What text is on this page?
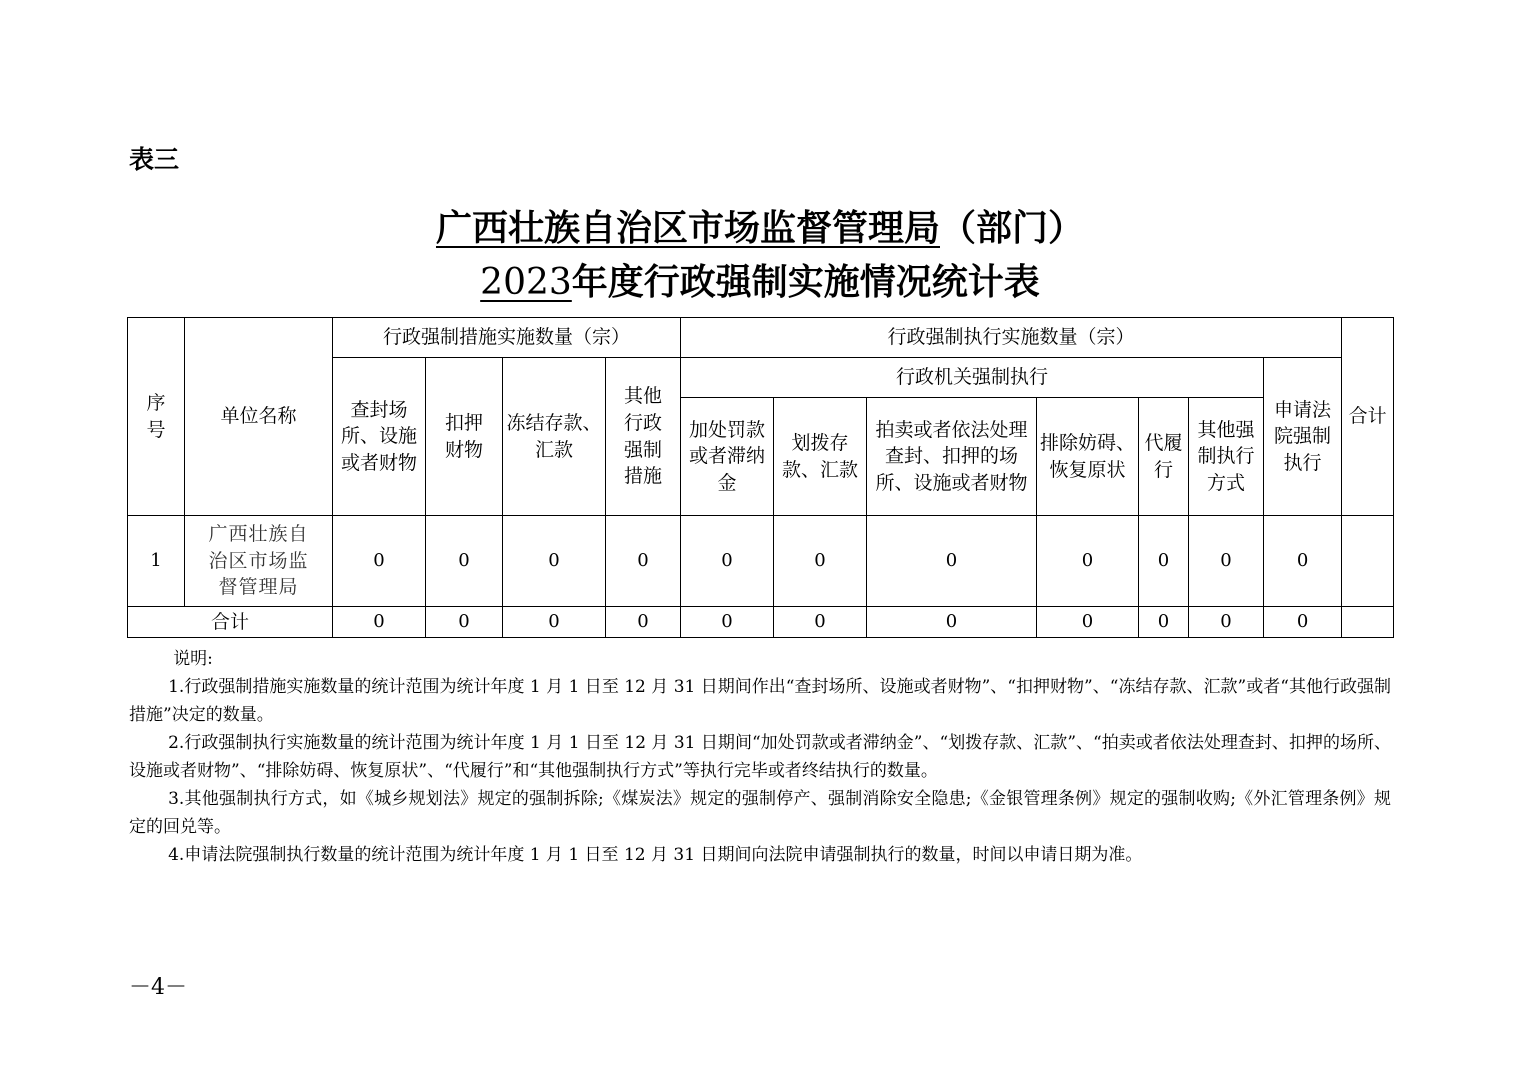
表三
广西壮族自治区市场监督管理局（部门）
2023年度行政强制实施情况统计表
序号	单位名称	行政强制措施实施数量（宗）				行政强制执行实施数量（宗）							合计
		查封场所、设施或者财物	扣押财物	冻结存款、汇款	其他行政强制措施	行政机关强制执行						申请法院强制执行	

						加处罚款或者滞纳金	划拨存款、汇款	拍卖或者依法处理查封、扣押的场所、设施或者财物	排除妨碍、恢复原状	代履行	其他强制执行方式		

1	广西壮族自治区市场监督管理局	0	0	0	0	0	0	0	0	0	0	0	
合计		0	0	0	0	0	0	0	0	0	0	0	

说明:

1.行政强制措施实施数量的统计范围为统计年度 1 月 1 日至 12 月 31 日期间作出“查封场所、设施或者财物”、“扣押财物”、“冻结存款、汇款”或者“其他行政强制措施”决定的数量。

2.行政强制执行实施数量的统计范围为统计年度 1 月 1 日至 12 月 31 日期间“加处罚款或者滞纳金”、“划拨存款、汇款”、“拍卖或者依法处理查封、扣押的场所、设施或者财物”、“排除妨碍、恢复原状”、“代履行”和“其他强制执行方式”等执行完毕或者终结执行的数量。

3.其他强制执行方式，如《城乡规划法》规定的强制拆除;《煤炭法》规定的强制停产、强制消除安全隐患;《金银管理条例》规定的强制收购;《外汇管理条例》规定的回兑等。

4.申请法院强制执行数量的统计范围为统计年度 1 月 1 日至 12 月 31 日期间向法院申请强制执行的数量，时间以申请日期为准。

－4－
